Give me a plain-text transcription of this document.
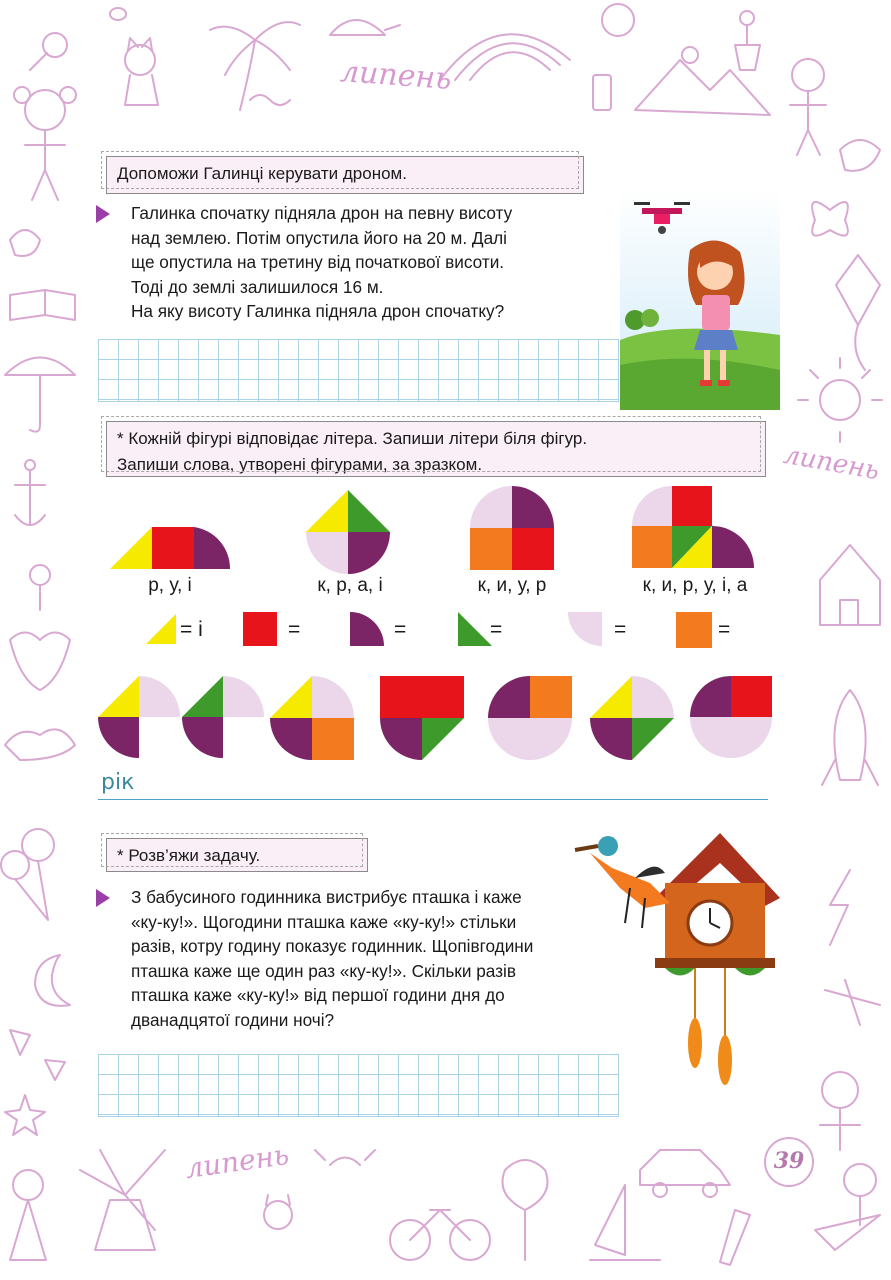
липень
липень
липень
Допоможи Галинці керувати дроном.
Галинка спочатку підняла дрон на певну висоту
над землею. Потім опустила його на 20 м. Далі
ще опустила на третину від початкової висоти.
Тоді до землі залишилося 16 м.
На яку висоту Галинка підняла дрон спочатку?
* Кожній фігурі відповідає літера. Запиши літери біля фігур.
Запиши слова, утворені фігурами, за зразком.
р, у, і	к, р, а, і	к, и, у, р	к, и, р, у, і, а
= і	=	=	=	=	=
рік
* Розв’яжи задачу.
З бабусиного годинника вистрибує пташка і каже
«ку-ку!». Щогодини пташка каже «ку-ку!» стільки
разів, котру годину показує годинник. Щопівгодини
пташка каже ще один раз «ку-ку!». Скільки разів
пташка каже «ку-ку!» від першої години дня до
дванадцятої години ночі?
39
